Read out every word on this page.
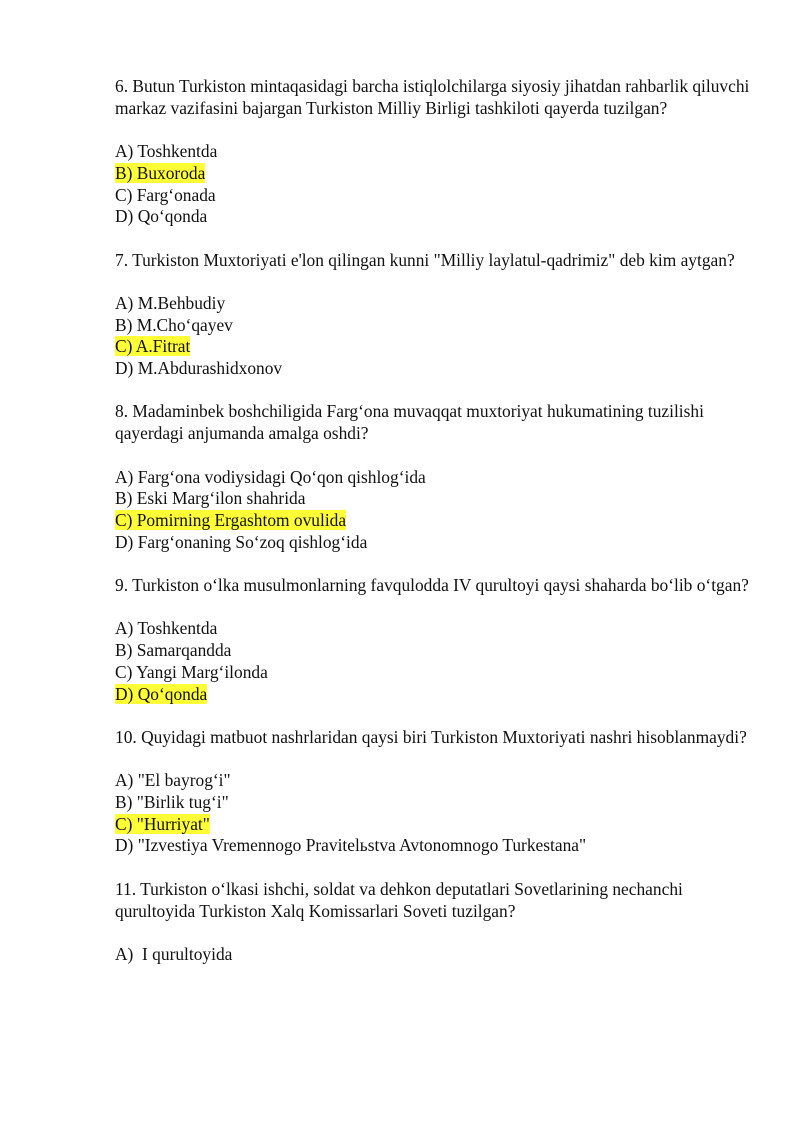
6. Butun Turkiston mintaqasidagi barcha istiqlolchilarga siyosiy jihatdan rahbarlik qiluvchi markaz vazifasini bajargan Turkiston Milliy Birligi tashkiloti qayerda tuzilgan?
A) Toshkentda
B) Buxoroda
C) Farg‘onada
D) Qo‘qonda
7. Turkiston Muxtoriyati e'lon qilingan kunni "Milliy laylatul-qadrimiz" deb kim aytgan?
A) M.Behbudiy
B) M.Cho‘qayev
C) A.Fitrat
D) M.Abdurashidxonov
8. Madaminbek boshchiligida Farg‘ona muvaqqat muxtoriyat hukumatining tuzilishi qayerdagi anjumanda amalga oshdi?
A) Farg‘ona vodiysidagi Qo‘qon qishlog‘ida
B) Eski Marg‘ilon shahrida
C) Pomirning Ergashtom ovulida
D) Farg‘onaning So‘zoq qishlog‘ida
9. Turkiston o‘lka musulmonlarning favqulodda IV qurultoyi qaysi shaharda bo‘lib o‘tgan?
A) Toshkentda
B) Samarqandda
C) Yangi Marg‘ilonda
D) Qo‘qonda
10. Quyidagi matbuot nashrlaridan qaysi biri Turkiston Muxtoriyati nashri hisoblanmaydi?
A) "El bayrog‘i"
B) "Birlik tug‘i"
C) "Hurriyat"
D) "Izvestiya Vremennogo Pravitelьstva Avtonomnogo Turkestana"
11. Turkiston o‘lkasi ishchi, soldat va dehkon deputatlari Sovetlarining nechanchi qurultoyida Turkiston Xalq Komissarlari Soveti tuzilgan?
A)  I qurultoyida
